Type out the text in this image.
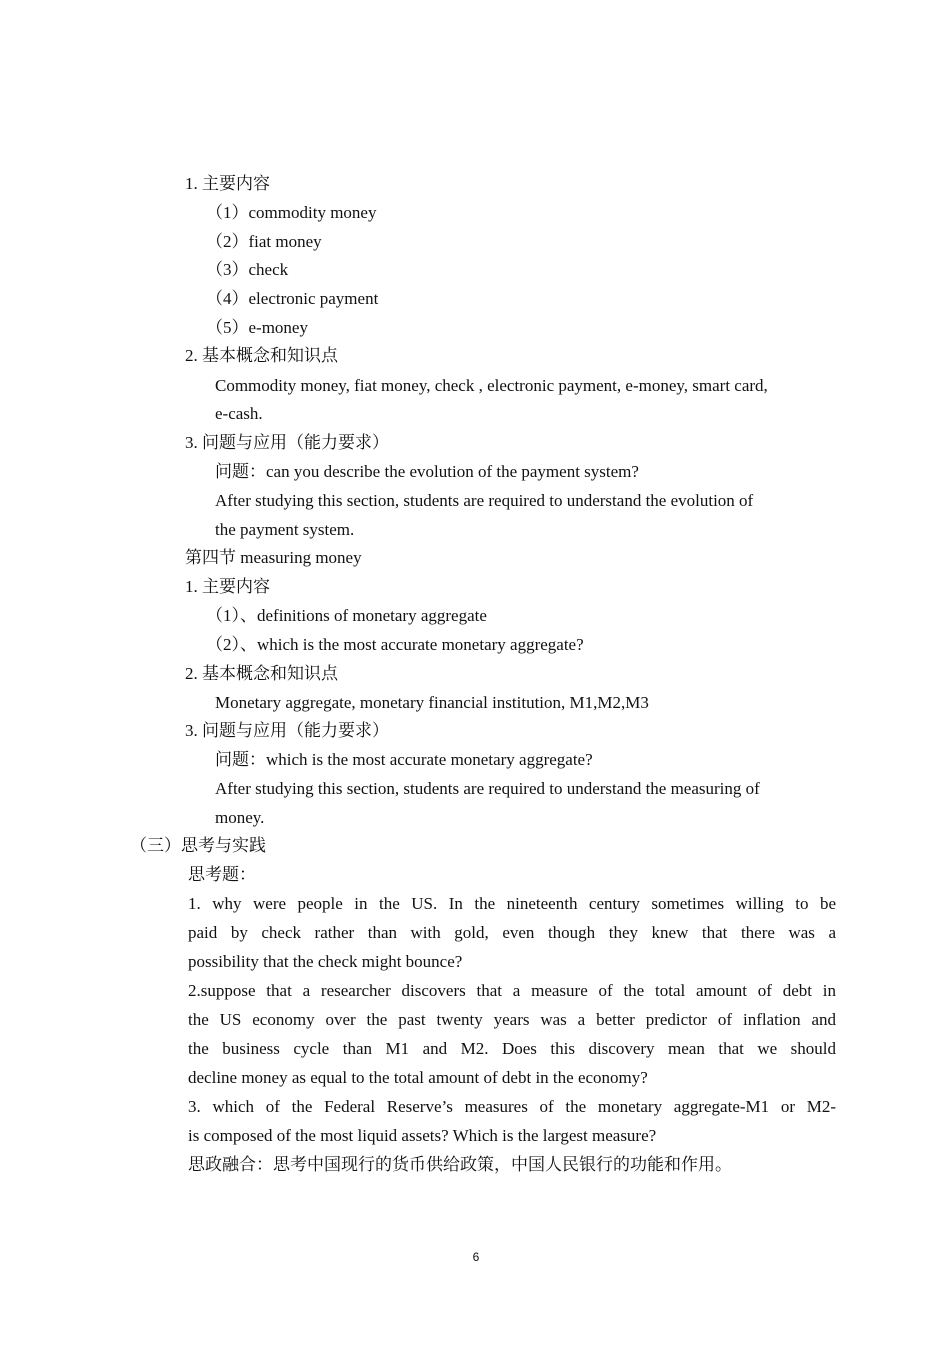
1. 主要内容
（1）commodity money
（2）fiat money
（3）check
（4）electronic payment
（5）e-money
2. 基本概念和知识点
Commodity money, fiat money, check , electronic payment, e-money, smart card,
e-cash.
3. 问题与应用（能力要求）
问题：can you describe the evolution of the payment system?
After studying this section, students are required to understand the evolution of
the payment system.
第四节 measuring money
1. 主要内容
（1）、definitions of monetary aggregate
（2）、which is the most accurate monetary aggregate?
2. 基本概念和知识点
Monetary aggregate, monetary financial institution, M1,M2,M3
3. 问题与应用（能力要求）
问题：which is the most accurate monetary aggregate?
After studying this section, students are required to understand the measuring of
money.
（三）思考与实践
思考题：
1. why were people in the US. In the nineteenth century sometimes willing to be
paid by check rather than with gold, even though they knew that there was a
possibility that the check might bounce?
2.suppose that a researcher discovers that a measure of the total amount of debt in
the US economy over the past twenty years was a better predictor of inflation and
the business cycle than M1 and M2. Does this discovery mean that we should
decline money as equal to the total amount of debt in the economy?
3. which of the Federal Reserve’s measures of the monetary aggregate-M1 or M2-
is composed of the most liquid assets? Which is the largest measure?
思政融合：思考中国现行的货币供给政策，中国人民银行的功能和作用。
6
